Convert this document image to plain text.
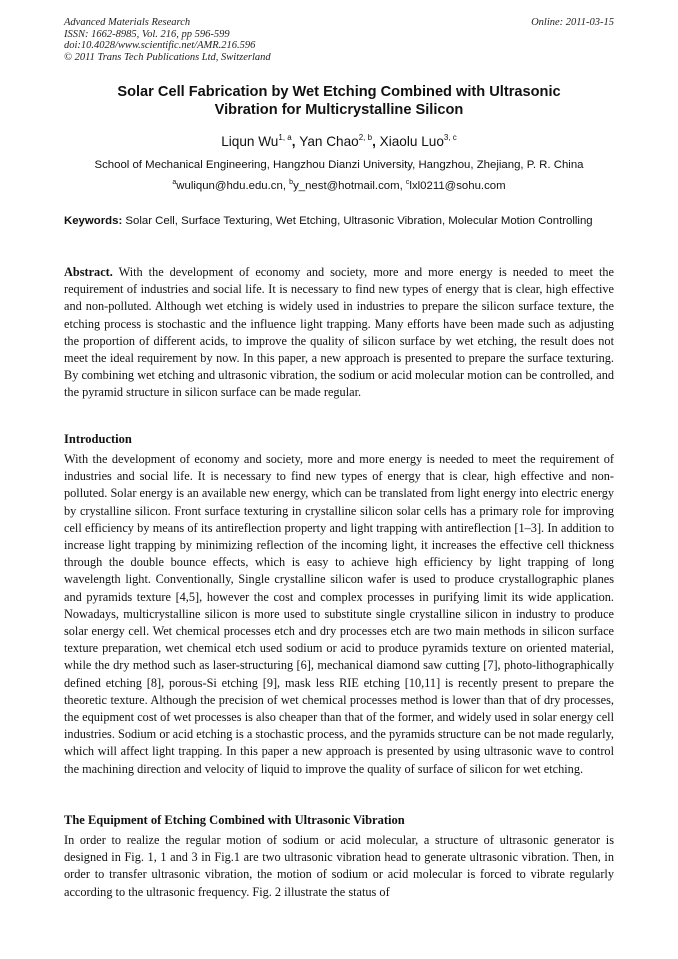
Advanced Materials Research
ISSN: 1662-8985, Vol. 216, pp 596-599
doi:10.4028/www.scientific.net/AMR.216.596
© 2011 Trans Tech Publications Ltd, Switzerland
Online: 2011-03-15
Solar Cell Fabrication by Wet Etching Combined with Ultrasonic
Vibration for Multicrystalline Silicon
Liqun Wu$^{1, a}$, Yan Chao$^{2, b}$, Xiaolu Luo$^{3, c}$
School of Mechanical Engineering, Hangzhou Dianzi University, Hangzhou, Zhejiang, P. R. China
$^a$wuliqun@hdu.edu.cn, $^b$y_nest@hotmail.com, $^c$lxl0211@sohu.com
Keywords: Solar Cell, Surface Texturing, Wet Etching, Ultrasonic Vibration, Molecular Motion Controlling
Abstract. With the development of economy and society, more and more energy is needed to meet the requirement of industries and social life. It is necessary to find new types of energy that is clear, high effective and non-polluted. Although wet etching is widely used in industries to prepare the silicon surface texture, the etching process is stochastic and the influence light trapping. Many efforts have been made such as adjusting the proportion of different acids, to improve the quality of silicon surface by wet etching, the result does not meet the ideal requirement by now. In this paper, a new approach is presented to prepare the surface texturing. By combining wet etching and ultrasonic vibration, the sodium or acid molecular motion can be controlled, and the pyramid structure in silicon surface can be made regular.
Introduction
With the development of economy and society, more and more energy is needed to meet the requirement of industries and social life. It is necessary to find new types of energy that is clear, high effective and non-polluted. Solar energy is an available new energy, which can be translated from light energy into electric energy by crystalline silicon. Front surface texturing in crystalline silicon solar cells has a primary role for improving cell efficiency by means of its antireflection property and light trapping with antireflection [1–3]. In addition to increase light trapping by minimizing reflection of the incoming light, it increases the effective cell thickness through the double bounce effects, which is easy to achieve high efficiency by light trapping of long wavelength light. Conventionally, Single crystalline silicon wafer is used to produce crystallographic planes and pyramids texture [4,5], however the cost and complex processes in purifying limit its wide application. Nowadays, multicrystalline silicon is more used to substitute single crystalline silicon in industry to produce solar energy cell. Wet chemical processes etch and dry processes etch are two main methods in silicon surface texture preparation, wet chemical etch used sodium or acid to produce pyramids texture on oriented material, while the dry method such as laser-structuring [6], mechanical diamond saw cutting [7], photo-lithographically defined etching [8], porous-Si etching [9], mask less RIE etching [10,11] is recently present to prepare the theoretic texture. Although the precision of wet chemical processes method is lower than that of dry processes, the equipment cost of wet processes is also cheaper than that of the former, and widely used in solar energy cell industries. Sodium or acid etching is a stochastic process, and the pyramids structure can be not made regularly, which will affect light trapping. In this paper a new approach is presented by using ultrasonic wave to control the machining direction and velocity of liquid to improve the quality of surface of silicon for wet etching.
The Equipment of Etching Combined with Ultrasonic Vibration
In order to realize the regular motion of sodium or acid molecular, a structure of ultrasonic generator is designed in Fig. 1, 1 and 3 in Fig.1 are two ultrasonic vibration head to generate ultrasonic vibration. Then, in order to transfer ultrasonic vibration, the motion of sodium or acid molecular is forced to vibrate regularly according to the ultrasonic frequency. Fig. 2 illustrate the status of
